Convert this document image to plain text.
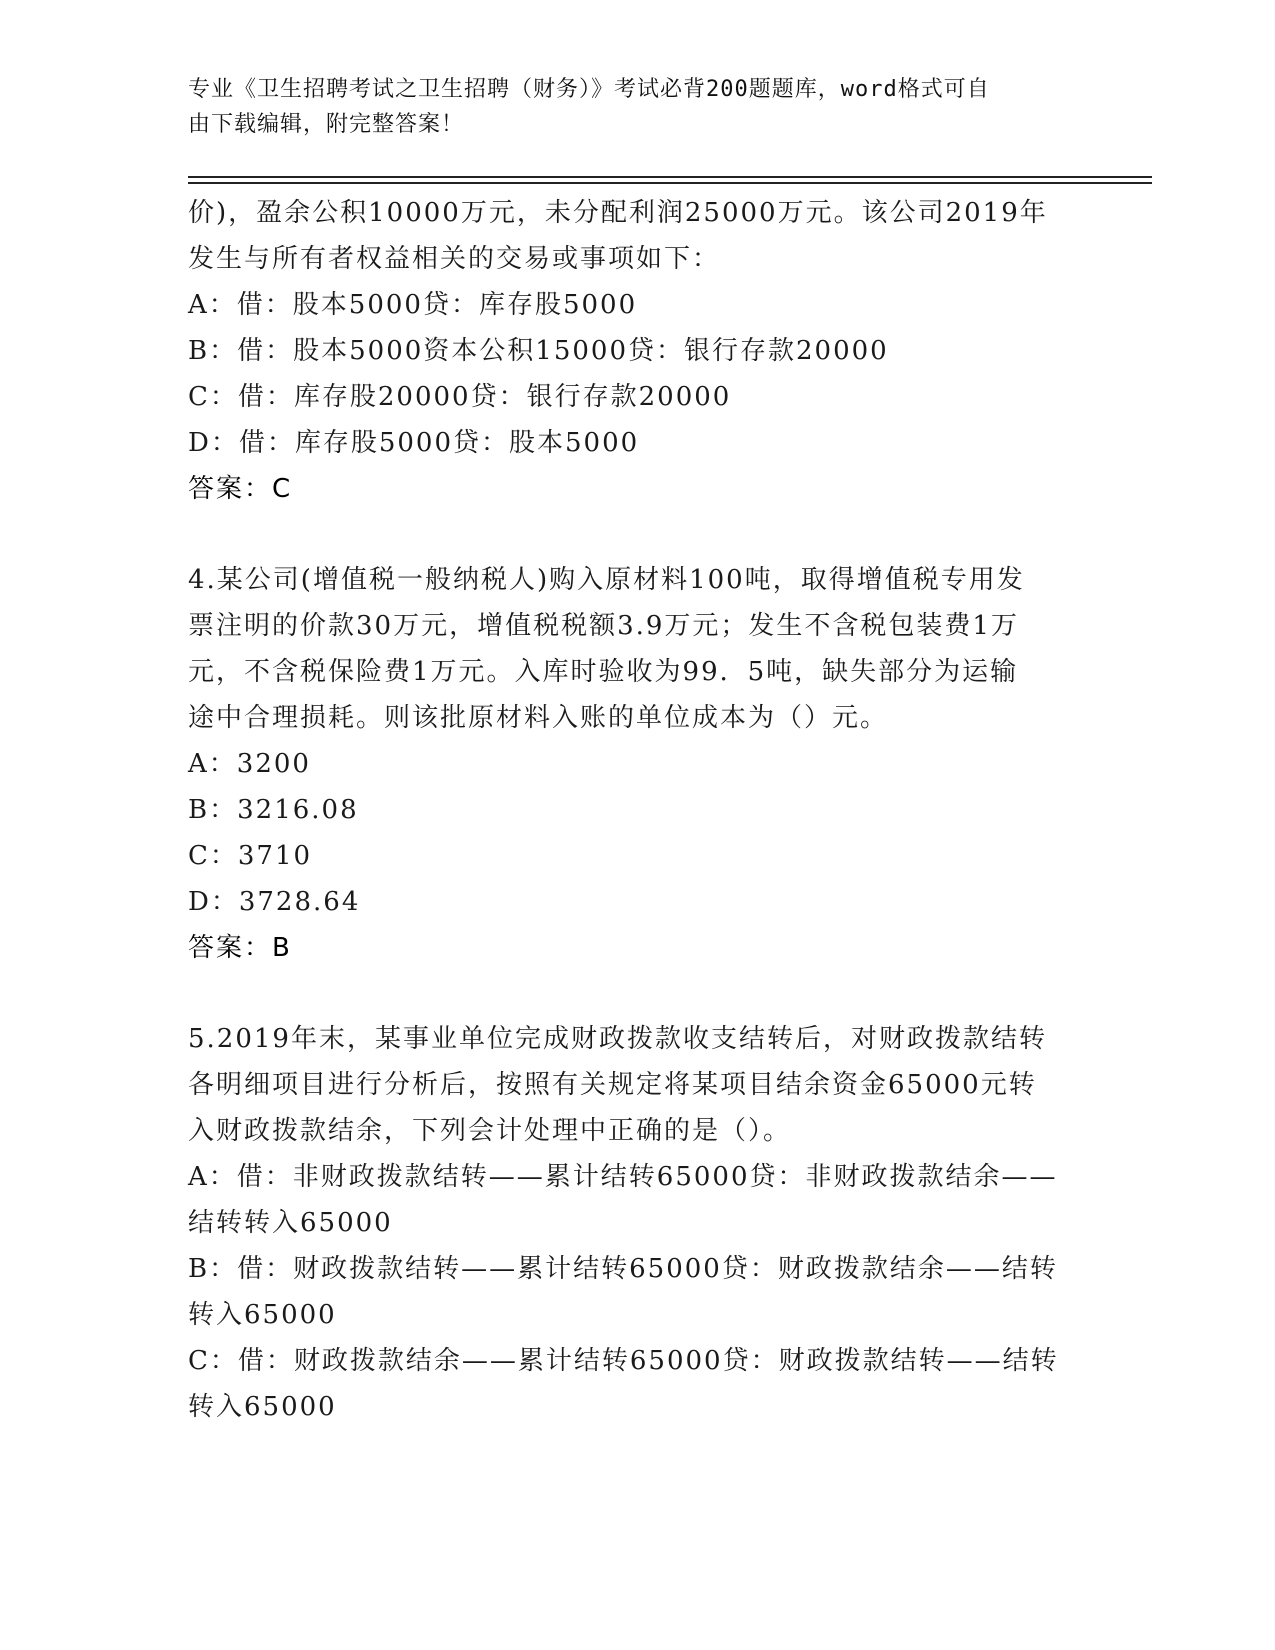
专业《卫生招聘考试之卫生招聘（财务）》考试必背200题题库，word格式可自
由下载编辑，附完整答案！
价)，盈余公积10000万元，未分配利润25000万元。该公司2019年
发生与所有者权益相关的交易或事项如下：
A：借：股本5000贷：库存股5000
B：借：股本5000资本公积15000贷：银行存款20000
C：借：库存股20000贷：银行存款20000
D：借：库存股5000贷：股本5000
答案：C
4.某公司(增值税一般纳税人)购入原材料100吨，取得增值税专用发
票注明的价款30万元，增值税税额3.9万元；发生不含税包装费1万
元，不含税保险费1万元。入库时验收为99．5吨，缺失部分为运输
途中合理损耗。则该批原材料入账的单位成本为（）元。
A：3200
B：3216.08
C：3710
D：3728.64
答案：B
5.2019年末，某事业单位完成财政拨款收支结转后，对财政拨款结转
各明细项目进行分析后，按照有关规定将某项目结余资金65000元转
入财政拨款结余，下列会计处理中正确的是（）。
A：借：非财政拨款结转——累计结转65000贷：非财政拨款结余——
结转转入65000
B：借：财政拨款结转——累计结转65000贷：财政拨款结余——结转
转入65000
C：借：财政拨款结余——累计结转65000贷：财政拨款结转——结转
转入65000
